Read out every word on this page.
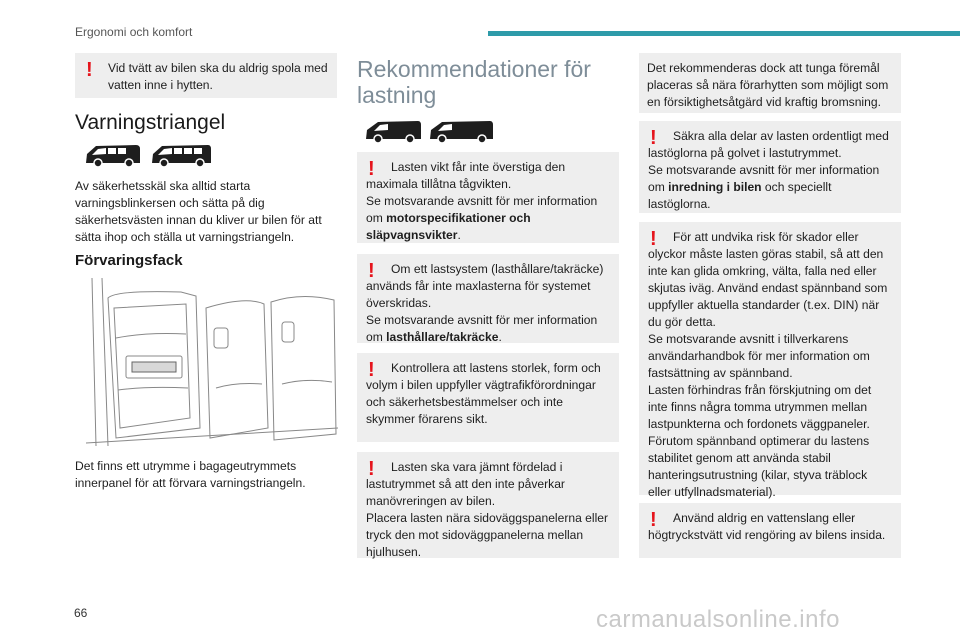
Ergonomi och komfort
!	Vid tvätt av bilen ska du aldrig spola med vatten inne i hytten.
Varningstriangel
Av säkerhetsskäl ska alltid starta varningsblinkersen och sätta på dig säkerhetsvästen innan du kliver ur bilen för att sätta ihop och ställa ut varningstriangeln.
Förvaringsfack
Det finns ett utrymme i bagageutrymmets innerpanel för att förvara varningstriangeln.
Rekommendationer för lastning
!	Lasten vikt får inte överstiga den maximala tillåtna tågvikten.

Se motsvarande avsnitt för mer information om motorspecifikationer och släpvagnsvikter.

!	Om ett lastsystem (lasthållare/takräcke) används får inte maxlasterna för systemet överskridas.

Se motsvarande avsnitt för mer information om lasthållare/takräcke.

!	Kontrollera att lastens storlek, form och volym i bilen uppfyller vägtrafikförordningar och säkerhetsbestämmelser och inte skymmer förarens sikt.
!	Lasten ska vara jämnt fördelad i lastutrymmet så att den inte påverkar manövreringen av bilen.

Placera lasten nära sidoväggspanelerna eller tryck den mot sidoväggpanelerna mellan hjulhusen.

Det rekommenderas dock att tunga föremål placeras så nära förarhytten som möjligt som en försiktighetsåtgärd vid kraftig bromsning.

!	Säkra alla delar av lasten ordentligt med lastöglorna på golvet i lastutrymmet.

Se motsvarande avsnitt för mer information om inredning i bilen och speciellt lastöglorna.

!	För att undvika risk för skador eller olyckor måste lasten göras stabil, så att den inte kan glida omkring, välta, falla ned eller skjutas iväg. Använd endast spännband som uppfyller aktuella standarder (t.ex. DIN) när du gör detta.

Se motsvarande avsnitt i tillverkarens användarhandbok för mer information om fastsättning av spännband.

Lasten förhindras från förskjutning om det inte finns några tomma utrymmen mellan lastpunkterna och fordonets väggpaneler. Förutom spännband optimerar du lastens stabilitet genom att använda stabil hanteringsutrustning (kilar, styva träblock eller utfyllnadsmaterial).

!	Använd aldrig en vattenslang eller högtryckstvätt vid rengöring av bilens insida.
66	carmanualsonline.info
